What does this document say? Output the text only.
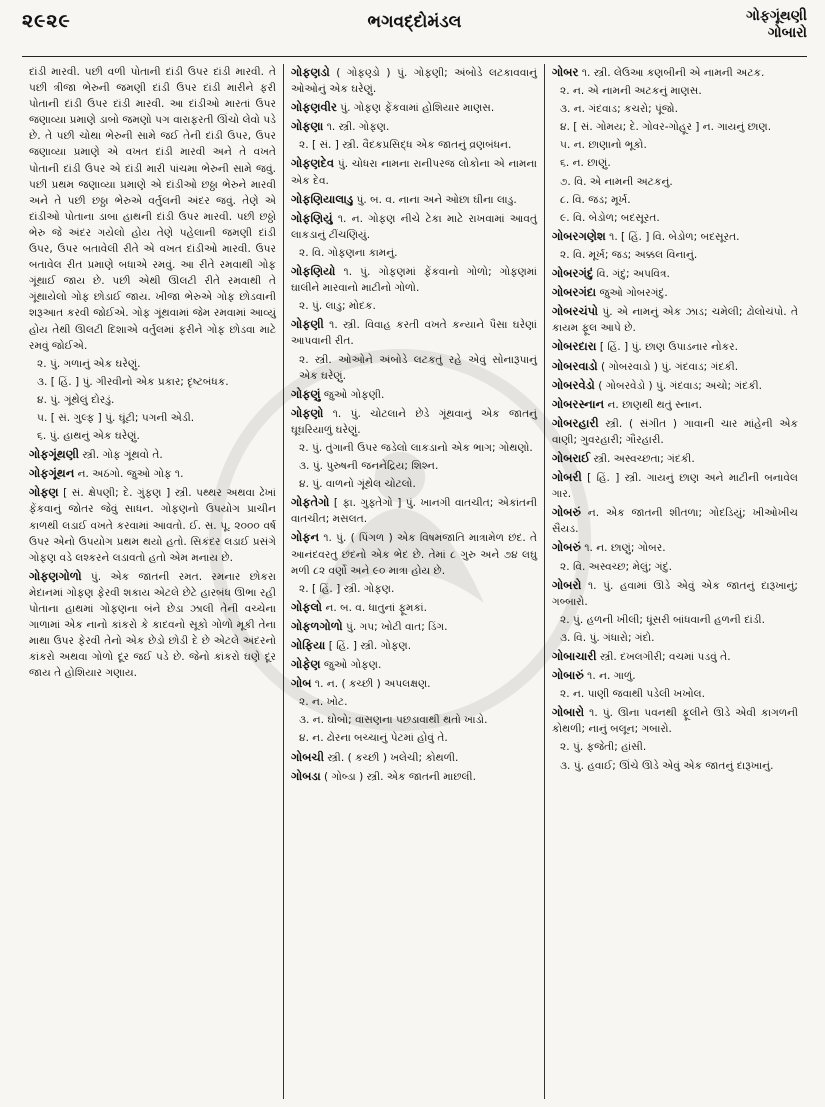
૨૯૨૯	ભગવદ્દોમંડલ	ગોફગૂંથણી
ગોબારો

દાંડી મારવી. પછી વળી પોતાની દાંડી ઉપર દાંડી મારવી. તે પછી ત્રીજા ભેરુની જમણી દાંડી ઉપર દાંડી મારીને ફરી પોતાની દાંડી ઉપર દાંડી મારવી. આ દાંડીઓ મારતાં ઉપર જણાવ્યા પ્રમાણે ડાબો જમણો પગ વારાફરતી ઊંચો લેવો પડે છે. તે પછી ચોથા ભેરુની સામે જઈ તેની દાંડી ઉપર, ઉપર જણાવ્યા પ્રમાણે એ વખત દાંડી મારવી અને તે વખતે પોતાની દાંડી ઉપર એ દાંડી મારી પાંચમા ભેરુની સામે જવું. પછી પ્રથમ જણાવ્યા પ્રમાણે એ દાંડીઓ છઠ્ઠા ભેરુને મારવી અને તે પછી છઠ્ઠા ભેરુએ વર્તુલની અંદર જવું. તેણે એ દાંડીઓ પોતાના ડાબા હાથની દાંડી ઉપર મારવી. પછી છઠ્ઠો ભેરુ જે અંદર ગયેલો હોય તેણે પહેલાની જમણી દાંડી ઉપર, ઉપર બતાવેલી રીતે એ વખત દાંડીઓ મારવી. ઉપર બતાવેલ રીત પ્રમાણે બધાએ રમવું. આ રીતે રમવાથી ગોફ ગૂંથાઈ જાય છે. પછી એથી ઊલટી રીતે રમવાથી તે ગૂંથાયેલો ગોફ છોડાઈ જાય. ખીજા ભેરુએ ગોફ છોડવાની શરૂઆત કરવી જોઈએ. ગોફ ગૂંથવામાં જેમ રમવામાં આવ્યું હોય તેથી ઊલટી દિશાએ વર્તુલમાં ફરીને ગોફ છોડવા માટે રમવું જોઈએ.

૨. પું. ગળાનું એક ઘરેણું.

૩. [ હિં. ] પું. ગીરવીનો એક પ્રકાર; દૃષ્ટબંધક.

૪. પું. ગૂંથેલું દોરડું.

૫. [ સં. ગુલ્ફ ] પું. ઘૂંટી; પગની એડી.

૬. પું. હાથનું એક ઘરેણું.

ગોફગૂંથણી સ્ત્રી. ગોફ ગૂંથવો તે.

ગોફગૂંથન ન. અઠંગો. જુઓ ગોફ ૧.

ગોફણ [ સં. ક્ષેપણી; દે. ગુંફણ ] સ્ત્રી. પથ્થર અથવા ઢેખાં ફેંકવાનું જોતર જેવું સાધન. ગોફણનો ઉપયોગ પ્રાચીન કાળથી લડાઈ વખતે કરવામાં આવતો. ઈ. સ. પૂ. ૨૦૦૦ વર્ષ ઉપર એનો ઉપયોગ પ્રથમ થયો હતો. સિકંદર લડાઈ પ્રસંગે ગોફણ વડે લશ્કરને લડાવતો હતો એમ મનાય છે.

ગોફણગોળો પું. એક જાતની રમત. રમનાર છોકરા મેદાનમાં ગોફણ ફેરવી શકાય એટલે છેટે હારબંધ ઊભા રહી પોતાના હાથમાં ગોફણના બંને છેડા ઝાલી તેની વચ્ચેના ગાળામાં એક નાનો કાંકરો કે કાદવનો સૂકો ગોળો મૂકી તેના માથા ઉપર ફેરવી તેનો એક છેડો છોડી દે છે એટલે અંદરનો કાંકરો અથવા ગોળો દૂર જઈ પડે છે. જેનો કાંકરો ઘણે દૂર જાય તે હોશિયાર ગણાય.

ગોફણડો ( ગોફણ્ડો ) પું. ગોફણી; અંબોડે લટકાવવાનું ઓઓનું એક ઘરેણું.

ગોફણવીર પું. ગોફણ ફેંકવામાં હોશિયાર માણસ.

ગોફણા ૧. સ્ત્રી. ગોફણ.

૨. [ સં. ] સ્ત્રી. વૈદકપ્રસિદ્ધ એક જાતનું વ્રણબંધન.

ગોફણદેવ પું. ચોધરા નામના રાનીપરજ લોકોના એ નામના એક દેવ.

ગોફણિયાલાડુ પું. બ. વ. નાના અને ઓછા ઘીના લાડુ.

ગોફણિયું ૧. ન. ગોફણ નીચે ટેકા માટે રાખવામાં આવતું લાકડાનું ટીંચણિયું.

૨. વિ. ગોફણના કામનું.

ગોફણિયો ૧. પું. ગોફણમાં ફેંકવાનો ગોળો; ગોફણમાં ઘાલીને મારવાનો માટીનો ગોળો.

૨. પું. લાડુ; મોદક.

ગોફણી ૧. સ્ત્રી. વિવાહ કરતી વખતે કન્યાને પૈસા ઘરેણાં આપવાની રીત.

૨. સ્ત્રી. ઓઓને અંબોડે લટકતું રહે એવું સોનારૂપાનું એક ઘરેણું.

ગોફણું જુઓ ગોફણી.

ગોફણો ૧. પું. ચોટલાને છેડે ગૂંથવાનું એક જાતનું ઘૂઘરિયાળું ઘરેણું.

૨. પું. તુંગાની ઉપર જડેલો લાકડાનો એક ભાગ; ગોથણો.

૩. પું. પુરુષની જનનેંદ્રિય; શિશ્ન.

૪. પું. વાળનો ગૂંથેલ ચોટલો.

ગોફતેગો [ ફા. ગુફ્તેગો ] પું. ખાનગી વાતચીત; એકાંતની વાતચીત; મસલત.

ગોફન ૧. પું. ( પિંગળ ) એક વિષમજાતિ માત્રામેળ છંદ. તે આનંદવરતુ છંદનો એક ભેદ છે. તેમાં ૮ ગુરુ અને ૭૪ લઘુ મળી ૮૨ વર્ણો અને ૯૦ માત્રા હોય છે.

૨. [ હિં. ] સ્ત્રી. ગોફણ.

ગોફલો ન. બ. વ. ધાતુનાં ફૂમકાં.

ગોફળગોળો પું. ગપ; ખોટી વાત; ડિંગ.

ગોફિયા [ હિં. ] સ્ત્રી. ગોફણ.

ગોફેણ જુઓ ગોફણ.

ગોબ ૧. ન. ( કચ્છી ) અપલક્ષણ.

૨. ન. ખોટ.

૩. ન. ઘોબો; વાસણના પછડાવાથી થતો ખાડો.

૪. ન. ઢોરના બચ્ચાનું પેટમાં હોવું તે.

ગોબચી સ્ત્રી. ( કચ્છી ) ખલેચી; કોથળી.

ગોબડા ( ગોબ્ડા ) સ્ત્રી. એક જાતની માછલી.

ગોબર ૧. સ્ત્રી. લેઉઆ કણબીની એ નામની અટક.

૨. ન. એ નામની અટકનું માણસ.

૩. ન. ગંદવાડ; કચરો; પૂંજો.

૪. [ સં. ગોમય; દે. ગોવર-ગોહૂર ] ન. ગાયનું છાણ.

૫. ન. છાણાનો ભૂકો.

૬. ન. છાણું.

૭. વિ. એ નામની અટકનું.

૮. વિ. જડ; મૂર્ખ.

૯. વિ. બેડોળ; બદસૂરત.

ગોબરગણેશ ૧. [ હિં. ] વિ. બેડોળ; બદસૂરત.

૨. વિ. મૂર્ખ; જડ; અક્કલ વિનાનું.

ગોબરગંદું વિ. ગંદું; અપવિત્ર.

ગોબરગંદા જુઓ ગોબરગંદું.

ગોબરચંપો પું. એ નામનું એક ઝાડ; ચમેલી; ઢોલોચંપો. તે કાયમ ફૂલ આપે છે.

ગોબરદારા [ હિં. ] પું. છાણ ઉપાડનાર નોકર.

ગોબરવાડો ( ગોબરવાડો ) પું. ગંદવાડ; ગંદકી.

ગોબરવેડો ( ગોબરવેડો ) પું. ગંદવાડ; અચો; ગંદકી.

ગોબરસ્નાન ન. છાણથી થતું સ્નાન.

ગોબરહારી સ્ત્રી. ( સંગીત ) ગાવાની ચાર માંહેની એક વાણી; ગુવરહારી; ગૌરહારી.

ગોબરાઈ સ્ત્રી. અસ્વચ્છતા; ગંદકી.

ગોબરી [ હિં. ] સ્ત્રી. ગાયનું છાણ અને માટીની બનાવેલ ગાર.

ગોબરું ન. એક જાતની શીતળા; ગોદડિયું; ખીઓખીચ સૈયડ.

ગોબરું ૧. ન. છાણું; ગોબર.

૨. વિ. અસ્વચ્છ; મેલું; ગંદું.

ગોબરો ૧. પું. હવામાં ઊડે એવું એક જાતનું દારૂખાનું; ગબ્બારો.

૨. પું. હળની ખીલી; ધૂંસરી બાંધવાની હળની દાંડી.

૩. વિ. પું. ગંધારો; ગંદો.

ગોબાચારી સ્ત્રી. દખલગીરી; વચમાં પડવું તે.

ગોબારું ૧. ન. ગાળું.

૨. ન. પાણી જવાથી પડેલી ખખોલ.

ગોબારો ૧. પું. ઊના પવનથી ફૂલીને ઊડે એવી કાગળની કોથળી; નાનું બલૂન; ગબારો.

૨. પું. ફજેતી; હાંસી.

૩. પું. હવાઈ; ઊંચે ઊડે એવું એક જાતનું દારૂખાનું.
